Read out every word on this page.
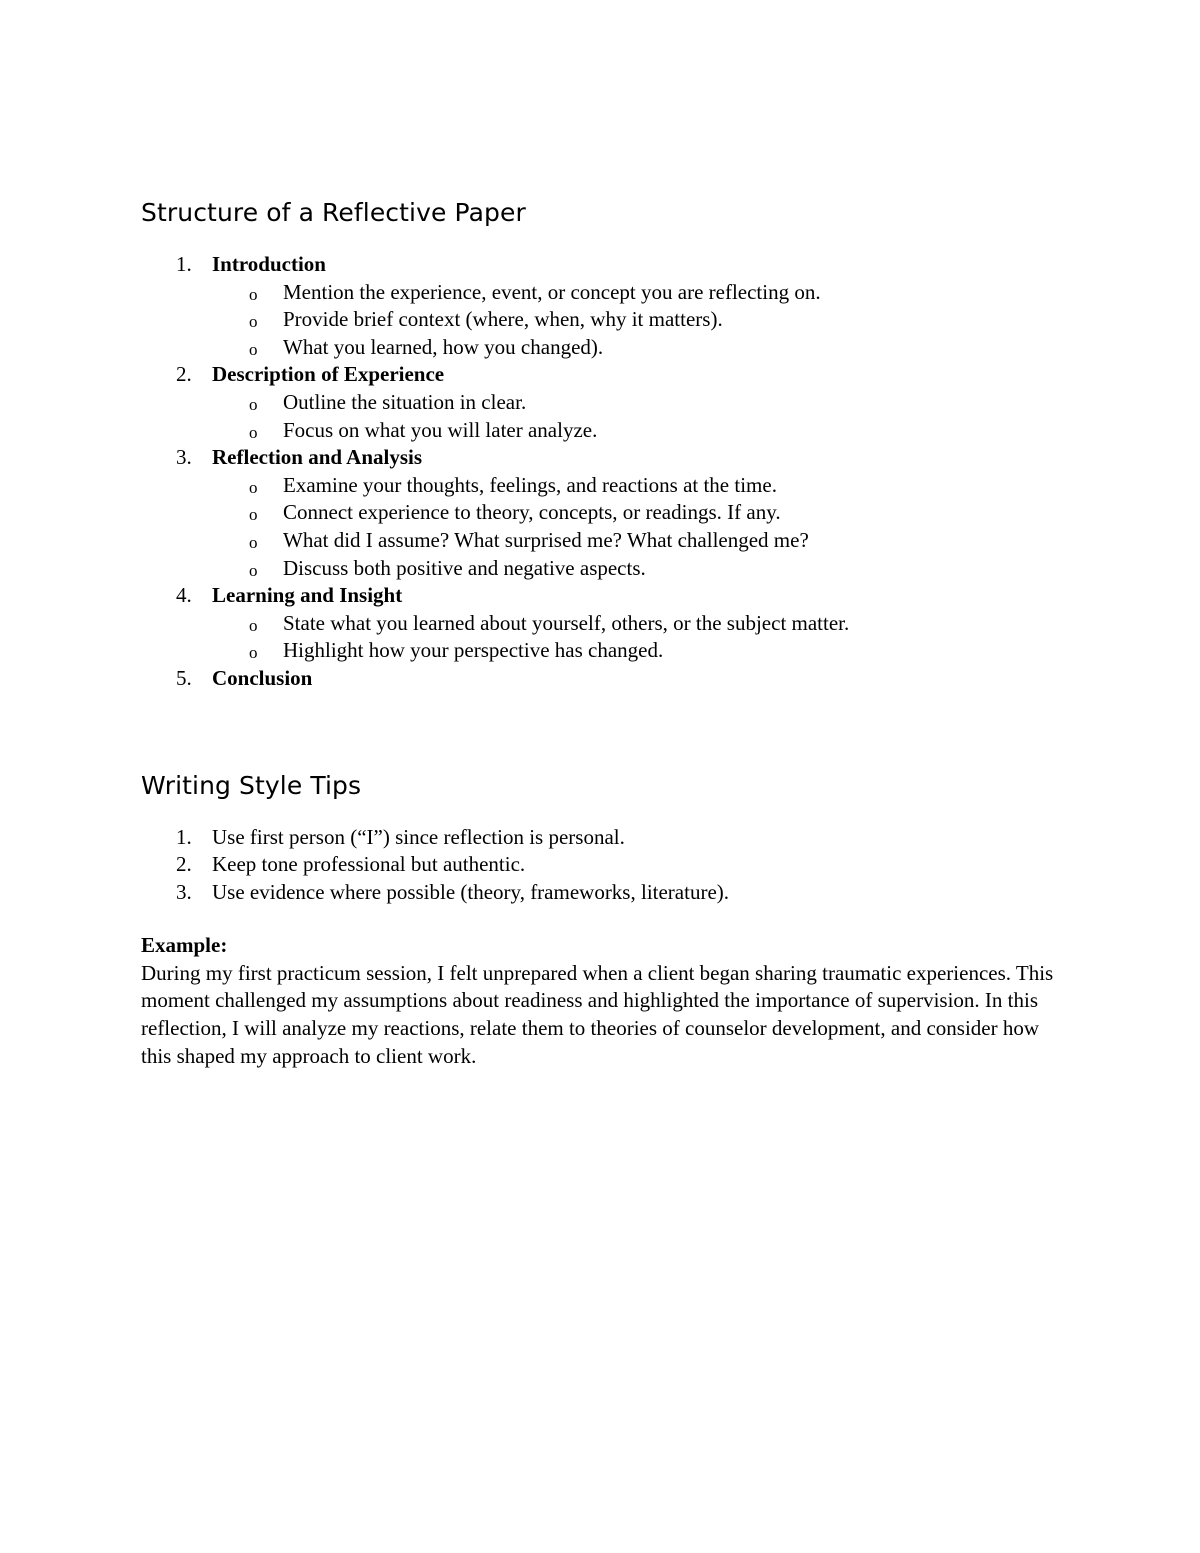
Structure of a Reflective Paper
1. Introduction
o	Mention the experience, event, or concept you are reflecting on.
o	Provide brief context (where, when, why it matters).
o	What you learned, how you changed).
2. Description of Experience
o	Outline the situation in clear.
o	Focus on what you will later analyze.
3. Reflection and Analysis
o	Examine your thoughts, feelings, and reactions at the time.
o	Connect experience to theory, concepts, or readings. If any.
o	What did I assume? What surprised me? What challenged me?
o	Discuss both positive and negative aspects.
4. Learning and Insight
o	State what you learned about yourself, others, or the subject matter.
o	Highlight how your perspective has changed.
5. Conclusion
Writing Style Tips
1. Use first person (“I”) since reflection is personal.
2. Keep tone professional but authentic.
3. Use evidence where possible (theory, frameworks, literature).
Example:

During my first practicum session, I felt unprepared when a client began sharing traumatic experiences. This moment challenged my assumptions about readiness and highlighted the importance of supervision. In this reflection, I will analyze my reactions, relate them to theories of counselor development, and consider how this shaped my approach to client work.
